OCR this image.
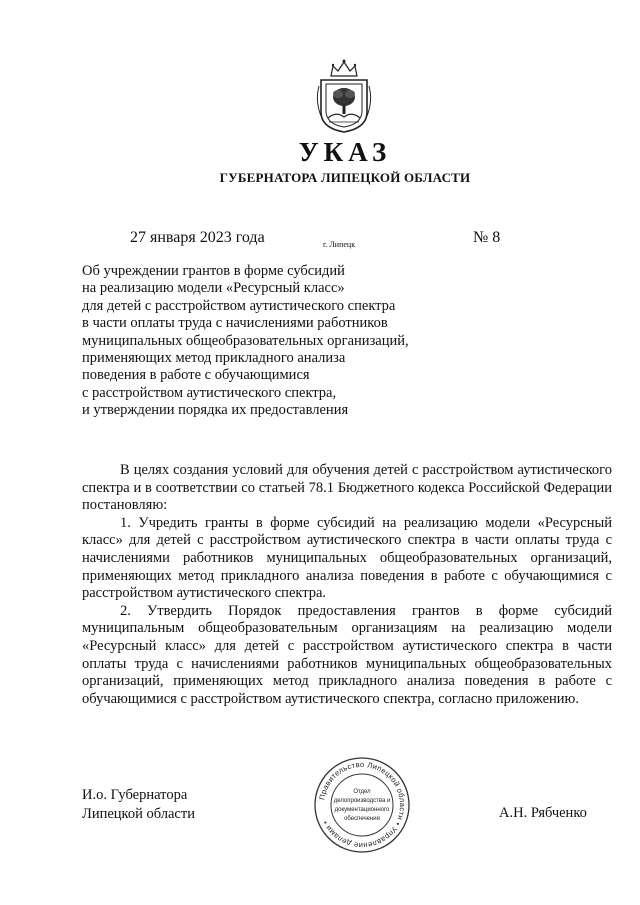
УКАЗ
ГУБЕРНАТОРА ЛИПЕЦКОЙ ОБЛАСТИ
27 января 2023 года	г. Липецк	№ 8
Об учреждении грантов в форме субсидий
на реализацию модели «Ресурсный класс»
для детей с расстройством аутистического спектра
в части оплаты труда с начислениями работников
муниципальных общеобразовательных организаций,
применяющих метод прикладного анализа
поведения в работе с обучающимися
с расстройством аутистического спектра,
и утверждении порядка их предоставления

В целях создания условий для обучения детей с расстройством аутистического спектра и в соответствии со статьей 78.1 Бюджетного кодекса Российской Федерации постановляю:

1. Учредить гранты в форме субсидий на реализацию модели «Ресурсный класс» для детей с расстройством аутистического спектра в части оплаты труда с начислениями работников муниципальных общеобразовательных организаций, применяющих метод прикладного анализа поведения в работе с обучающимися с расстройством аутистического спектра.

2. Утвердить Порядок предоставления грантов в форме субсидий муниципальным общеобразовательным организациям на реализацию модели «Ресурсный класс» для детей с расстройством аутистического спектра в части оплаты труда с начислениями работников муниципальных общеобразовательных организаций, применяющих метод прикладного анализа поведения в работе с обучающимися с расстройством аутистического спектра, согласно приложению.

И.о. Губернатора
Липецкой области
Правительство Липецкой области • Управление делами •
Отдел
делопроизводства и
документационного
обеспечения	А.Н. Рябченко
